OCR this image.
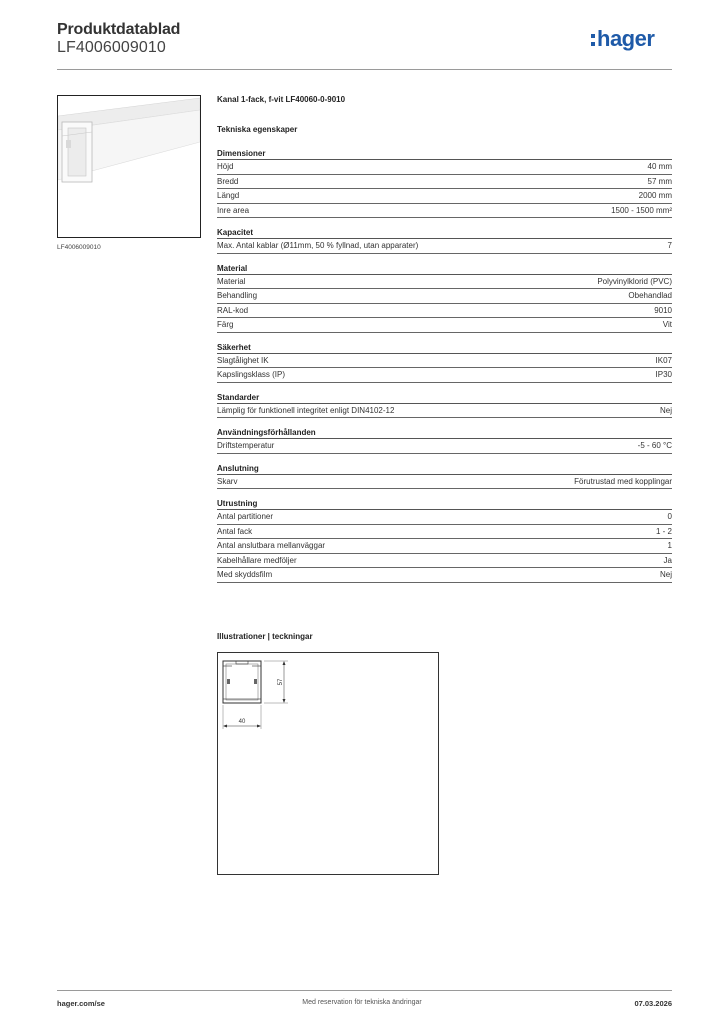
Produktdatablad
LF4006009010	hager
LF4006009010
Kanal 1-fack, f-vit LF40060-0-9010
Tekniska egenskaper
Dimensioner
Höjd	40 mm
Bredd	57 mm
Längd	2000 mm
Inre area	1500 - 1500 mm²
Kapacitet
Max. Antal kablar (Ø11mm, 50 % fyllnad, utan apparater)	7
Material
Material	Polyvinylklorid (PVC)
Behandling	Obehandlad
RAL-kod	9010
Färg	Vit
Säkerhet
Slagtålighet IK	IK07
Kapslingsklass (IP)	IP30
Standarder
Lämplig för funktionell integritet enligt DIN4102-12	Nej
Användningsförhållanden
Driftstemperatur	-5 - 60 °C
Anslutning
Skarv	Förutrustad med kopplingar
Utrustning
Antal partitioner	0
Antal fack	1 - 2
Antal anslutbara mellanväggar	1
Kabelhållare medföljer	Ja
Med skyddsfilm	Nej
Illustrationer | teckningar
57
40
hager.com/se	Med reservation för tekniska ändringar	07.03.2026
